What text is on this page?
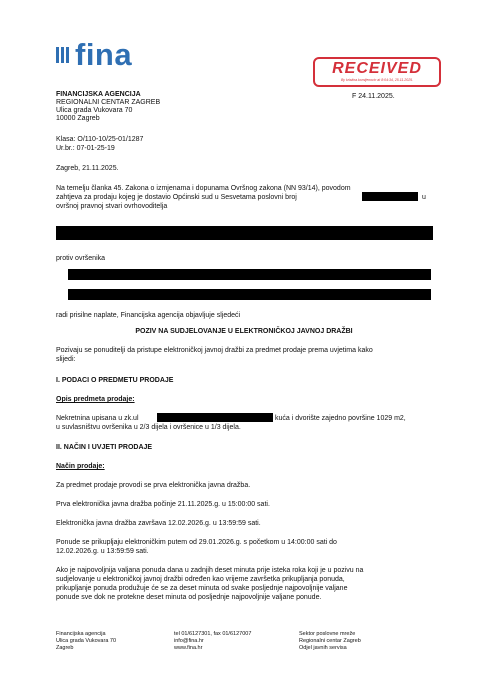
fina	RECEIVED
By kristina.komljenovic at 8:04:34, 25.11.2025.
FINANCIJSKA AGENCIJA
REGIONALNI CENTAR ZAGREB
Ulica grada Vukovara 70
10000 Zagreb
F 24.11.2025.
Klasa: O/110-10/25-01/1287
Ur.br.: 07-01-25-19
Zagreb, 21.11.2025.
Na temelju članka 45. Zakona o izmjenama i dopunama Ovršnog zakona (NN 93/14), povodom
zahtjeva za prodaju kojeg je dostavio Općinski sud u Sesvetama poslovni broj	u
ovršnoj pravnoj stvari ovrhovoditelja
protiv ovršenika
radi prisilne naplate, Financijska agencija objavljuje sljedeći
POZIV NA SUDJELOVANJE U ELEKTRONIČKOJ JAVNOJ DRAŽBI
Pozivaju se ponuditelji da pristupe elektroničkoj javnoj dražbi za predmet prodaje prema uvjetima kako
slijedi:
I. PODACI O PREDMETU PRODAJE
Opis predmeta prodaje:
Nekretnina upisana u zk.ul	kuća i dvorište zajedno površine 1029 m2,
u suvlasništvu ovršenika u 2/3 dijela i ovršenice u 1/3 dijela.
II. NAČIN I UVJETI PRODAJE
Način prodaje:
Za predmet prodaje provodi se prva elektronička javna dražba.
Prva elektronička javna dražba počinje 21.11.2025.g. u 15:00:00 sati.
Elektronička javna dražba završava 12.02.2026.g. u 13:59:59 sati.
Ponude se prikupljaju elektroničkim putem od 29.01.2026.g. s početkom u 14:00:00 sati do
12.02.2026.g. u 13:59:59 sati.
Ako je najpovoljnija valjana ponuda dana u zadnjih deset minuta prije isteka roka koji je u pozivu na
sudjelovanje u elektroničkoj javnoj dražbi određen kao vrijeme završetka prikupljanja ponuda,
prikupljanje ponuda produžuje će se za deset minuta od svake posljednje najpovoljnije valjane
ponude sve dok ne protekne deset minuta od posljednje najpovoljnije valjane ponude.
Financijska agencija
Ulica grada Vukovara 70
Zagreb
tel 01/6127301, fax 01/6127007
info@fina.hr
www.fina.hr
Sektor poslovne mreže
Regionalni centar Zagreb
Odjel javnih servisa
